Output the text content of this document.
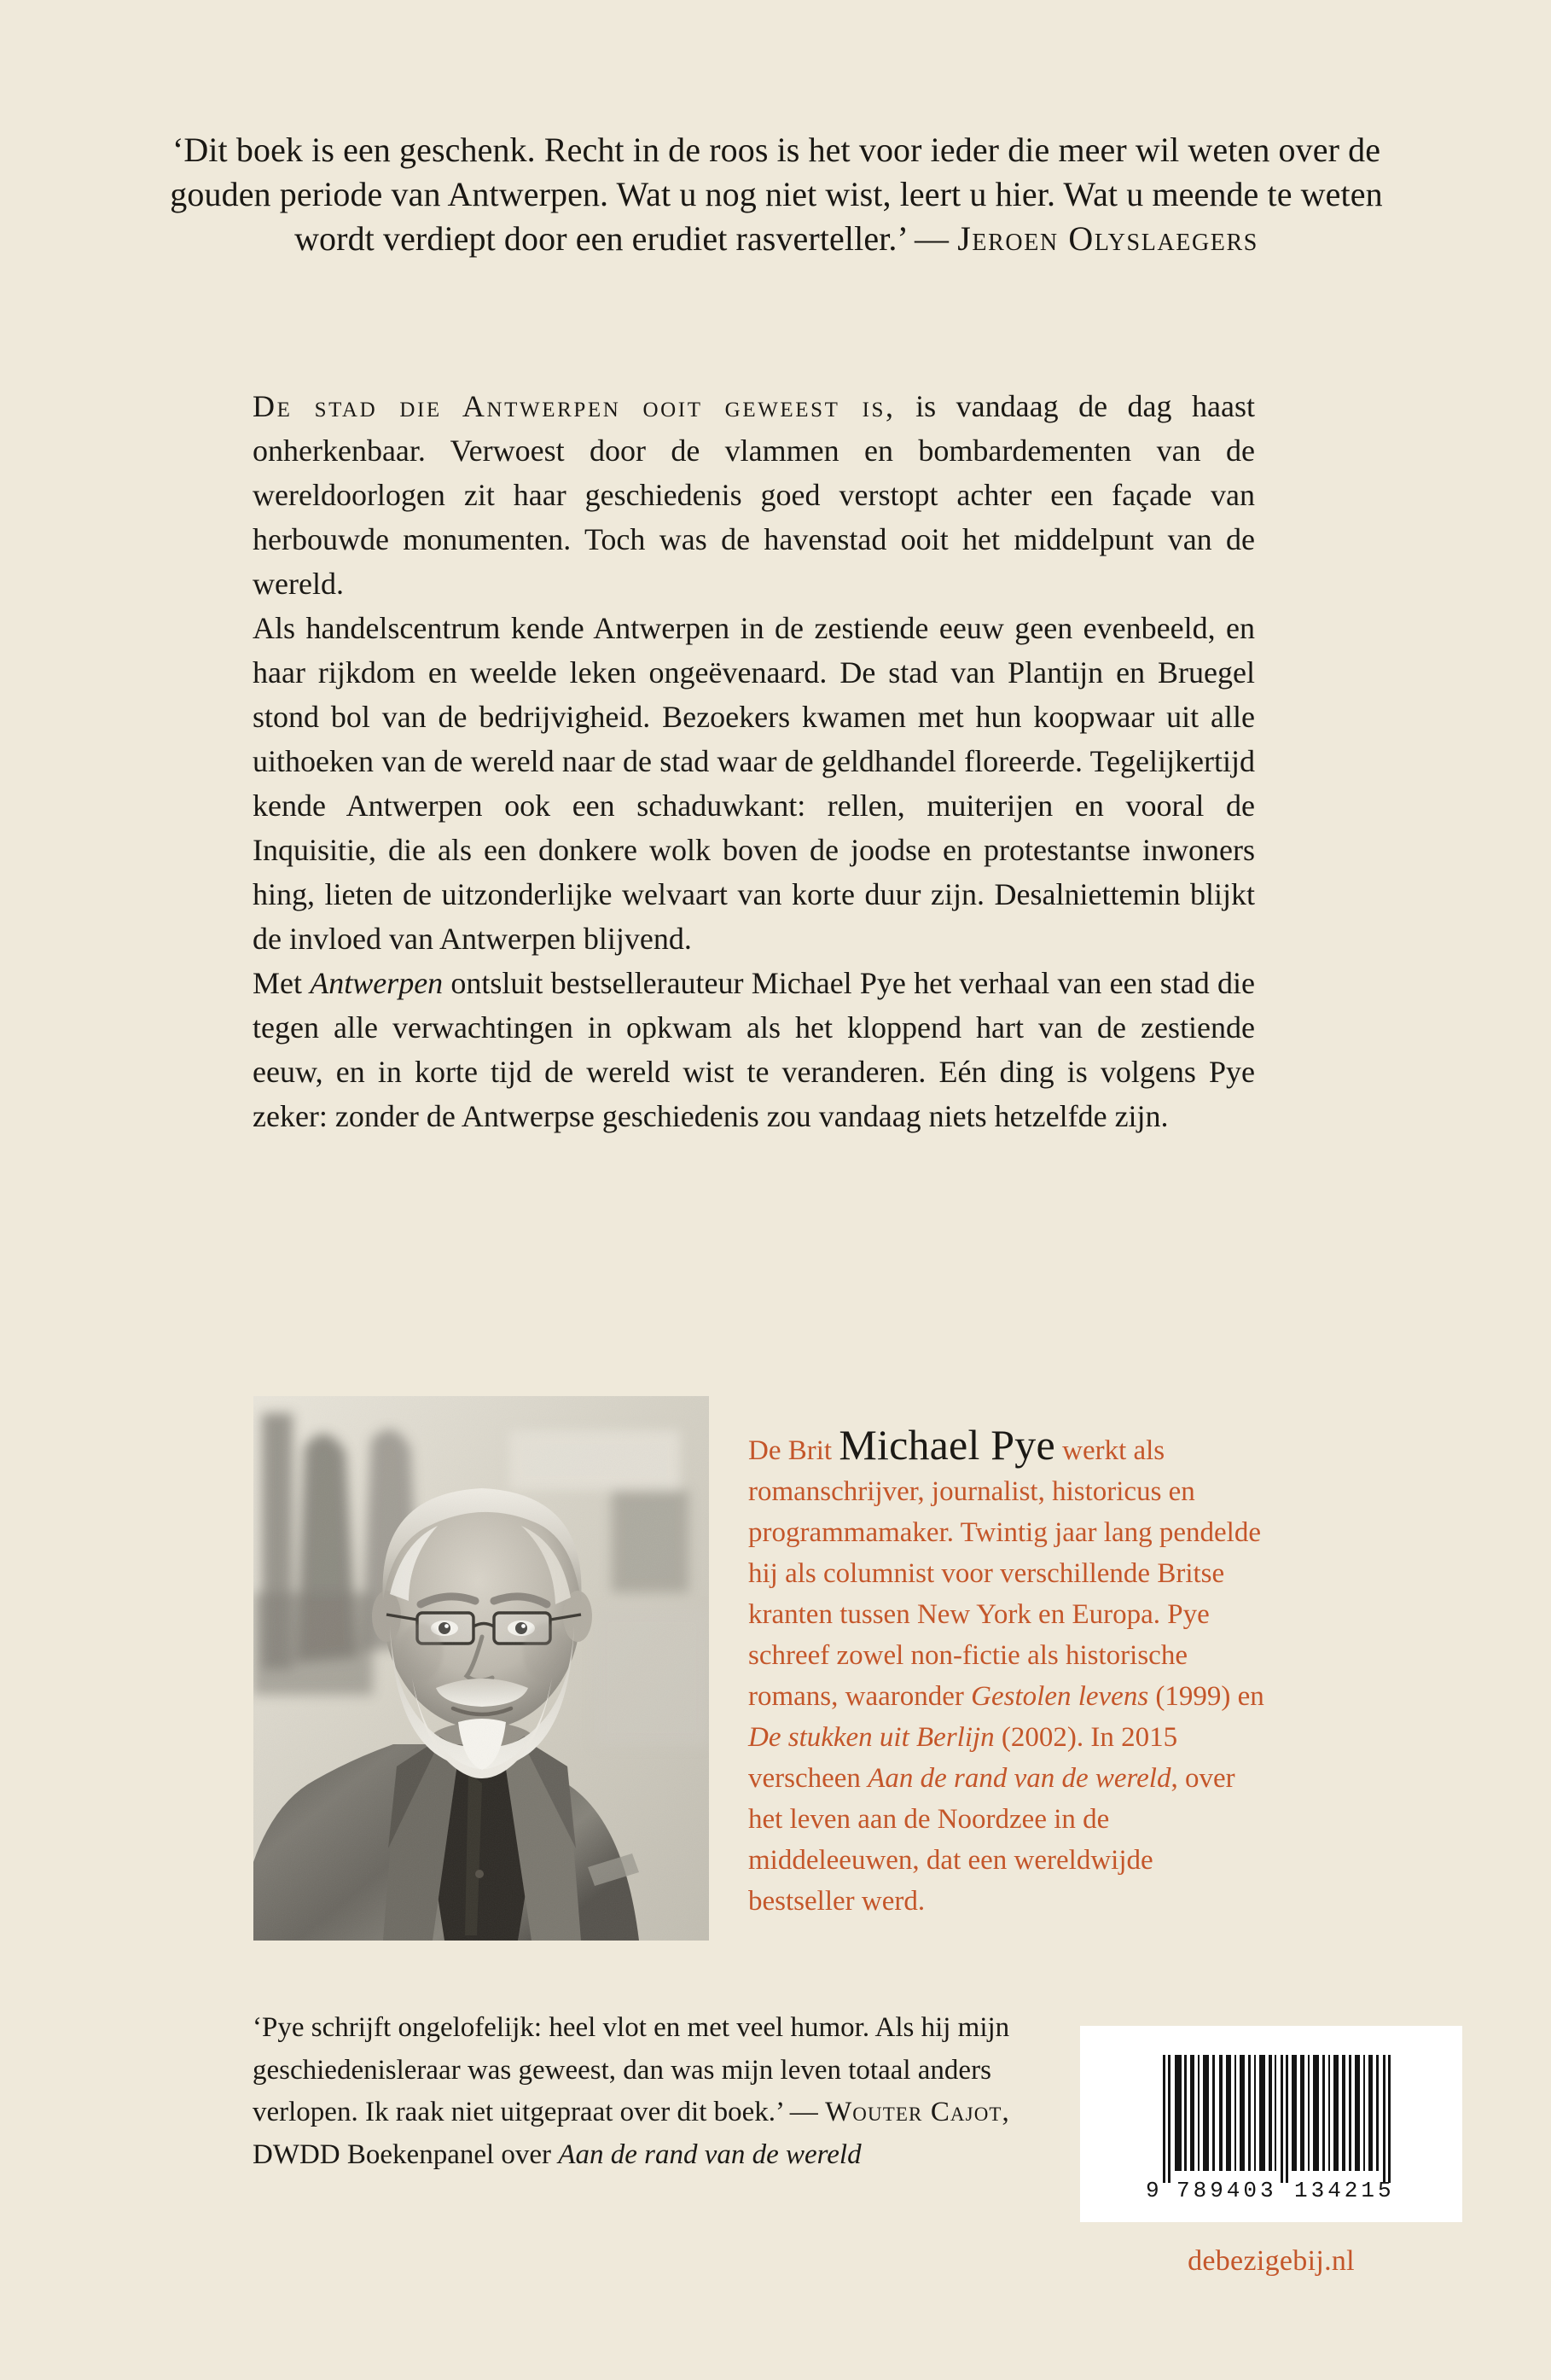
‘Dit boek is een geschenk. Recht in de roos is het voor ieder die meer wil weten over de gouden periode van Antwerpen. Wat u nog niet wist, leert u hier. Wat u meende te weten wordt verdiept door een erudiet rasverteller.’ — Jeroen Olyslaegers

De stad die Antwerpen ooit geweest is, is vandaag de dag haast onherkenbaar. Verwoest door de vlammen en bombardementen van de wereldoorlogen zit haar geschiedenis goed verstopt achter een façade van herbouwde monumenten. Toch was de havenstad ooit het middelpunt van de wereld.

Als handelscentrum kende Antwerpen in de zestiende eeuw geen evenbeeld, en haar rijkdom en weelde leken ongeëvenaard. De stad van Plantijn en Bruegel stond bol van de bedrijvigheid. Bezoekers kwamen met hun koopwaar uit alle uithoeken van de wereld naar de stad waar de geldhandel floreerde. Tegelijkertijd kende Antwerpen ook een schaduwkant: rellen, muiterijen en vooral de Inquisitie, die als een donkere wolk boven de joodse en protestantse inwoners hing, lieten de uitzonderlijke welvaart van korte duur zijn. Desalniettemin blijkt de invloed van Antwerpen blijvend.

Met Antwerpen ontsluit bestsellerauteur Michael Pye het verhaal van een stad die tegen alle verwachtingen in opkwam als het kloppend hart van de zestiende eeuw, en in korte tijd de wereld wist te veranderen. Eén ding is volgens Pye zeker: zonder de Antwerpse geschiedenis zou vandaag niets hetzelfde zijn.

De Brit Michael Pye werkt als romanschrijver, journalist, historicus en programmamaker. Twintig jaar lang pendelde hij als columnist voor verschillende Britse kranten tussen New York en Europa. Pye schreef zowel non-fictie als historische romans, waaronder Gestolen levens (1999) en De stukken uit Berlijn (2002). In 2015 verscheen Aan de rand van de wereld, over het leven aan de Noordzee in de middeleeuwen, dat een wereldwijde bestseller werd.
‘Pye schrijft ongelofelijk: heel vlot en met veel humor. Als hij mijn geschiedenisleraar was geweest, dan was mijn leven totaal anders verlopen. Ik raak niet uitgepraat over dit boek.’ — Wouter Cajot, DWDD Boekenpanel over Aan de rand van de wereld
9 789403 134215
debezigebij.nl
